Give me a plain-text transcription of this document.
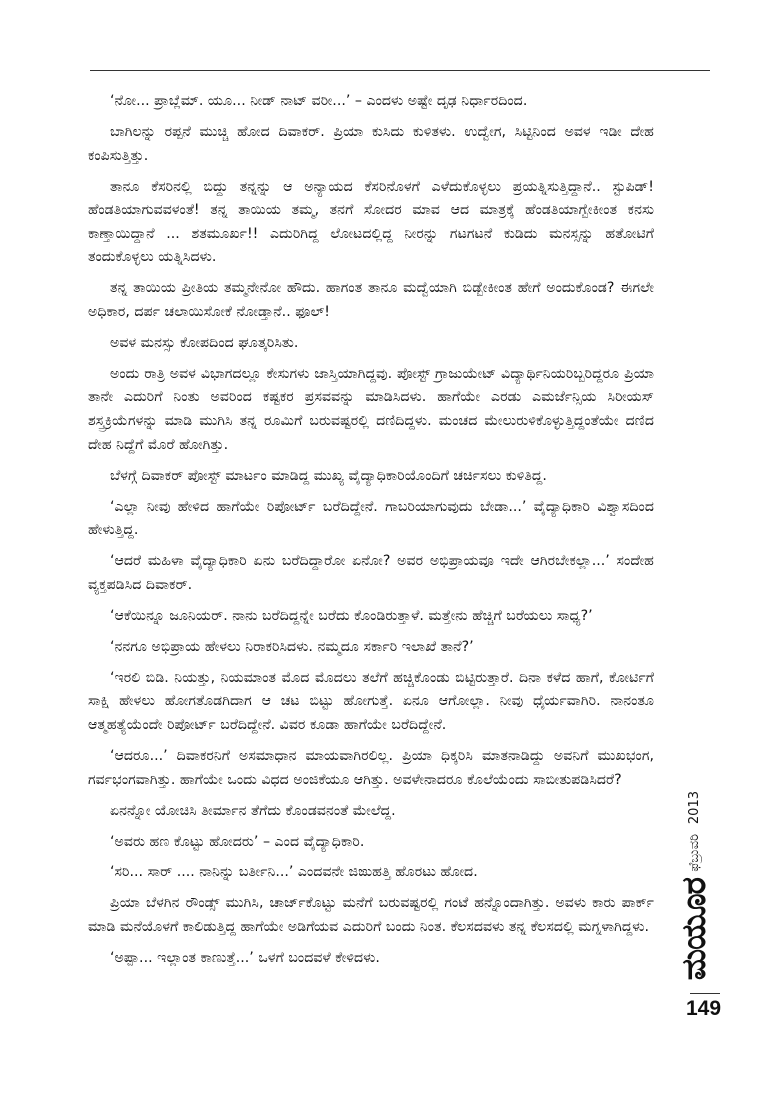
‘ನೋ... ಪ್ರಾಬ್ಲೆಮ್. ಯೂ... ನೀಡ್ ನಾಟ್ ವರೀ...’ – ಎಂದಳು ಅಷ್ಟೇ ದೃಢ ನಿರ್ಧಾರದಿಂದ.

ಬಾಗಿಲನ್ನು ರಪ್ಪನೆ ಮುಚ್ಚಿ ಹೋದ ದಿವಾಕರ್. ಪ್ರಿಯಾ ಕುಸಿದು ಕುಳಿತಳು. ಉದ್ವೇಗ, ಸಿಟ್ಟಿನಿಂದ ಅವಳ ಇಡೀ ದೇಹ ಕಂಪಿಸುತ್ತಿತ್ತು.

ತಾನೂ ಕೆಸರಿನಲ್ಲಿ ಬಿದ್ದು ತನ್ನನ್ನು ಆ ಅನ್ಯಾಯದ ಕೆಸರಿನೊಳಗೆ ಎಳೆದುಕೊಳ್ಳಲು ಪ್ರಯತ್ನಿಸುತ್ತಿದ್ದಾನೆ.. ಸ್ಟುಪಿಡ್! ಹೆಂಡತಿಯಾಗುವವಳಂತೆ! ತನ್ನ ತಾಯಿಯ ತಮ್ಮ, ತನಗೆ ಸೋದರ ಮಾವ ಆದ ಮಾತ್ರಕ್ಕೆ ಹೆಂಡತಿಯಾಗ್ಬೇಕೀಂತ ಕನಸು ಕಾಣ್ತಾಯಿದ್ದಾನೆ ... ಶತಮೂರ್ಖ!! ಎದುರಿಗಿದ್ದ ಲೋಟದಲ್ಲಿದ್ದ ನೀರನ್ನು ಗಟಗಟನೆ ಕುಡಿದು ಮನಸ್ಸನ್ನು ಹತೋಟಿಗೆ ತಂದುಕೊಳ್ಳಲು ಯತ್ನಿಸಿದಳು.

ತನ್ನ ತಾಯಿಯ ಪ್ರೀತಿಯ ತಮ್ಮನೇನೋ ಹೌದು. ಹಾಗಂತ ತಾನೂ ಮದ್ವೆಯಾಗಿ ಬಿಡ್ಬೇಕೀಂತ ಹೇಗೆ ಅಂದುಕೊಂಡ? ಈಗಲೇ ಅಧಿಕಾರ, ದರ್ಪ ಚಲಾಯಿಸೋಕೆ ನೋಡ್ತಾನೆ.. ಫೂಲ್!

ಅವಳ ಮನಸ್ಸು ಕೋಪದಿಂದ ಘೂತ್ಕರಿಸಿತು.

ಅಂದು ರಾತ್ರಿ ಅವಳ ವಿಭಾಗದಲ್ಲೂ ಕೇಸುಗಳು ಜಾಸ್ತಿಯಾಗಿದ್ದವು. ಪೋಸ್ಟ್ ಗ್ರಾಜುಯೇಟ್ ವಿದ್ಯಾರ್ಥಿನಿಯರಿಬ್ಬರಿದ್ದರೂ ಪ್ರಿಯಾ ತಾನೇ ಎದುರಿಗೆ ನಿಂತು ಅವರಿಂದ ಕಷ್ಟಕರ ಪ್ರಸವವನ್ನು ಮಾಡಿಸಿದಳು. ಹಾಗೆಯೇ ಎರಡು ಎಮರ್ಜೆನ್ಸಿಯ ಸಿರೀಯಸ್ ಶಸ್ತ್ರಕ್ರಿಯೆಗಳನ್ನು ಮಾಡಿ ಮುಗಿಸಿ ತನ್ನ ರೂಮಿಗೆ ಬರುವಷ್ಟರಲ್ಲಿ ದಣಿದಿದ್ದಳು. ಮಂಚದ ಮೇಲುರುಳಿಕೊಳ್ಳುತ್ತಿದ್ದಂತೆಯೇ ದಣಿದ ದೇಹ ನಿದ್ದೆಗೆ ಮೊರೆ ಹೋಗಿತ್ತು.

ಬೆಳಗ್ಗೆ ದಿವಾಕರ್ ಪೋಸ್ಟ್ ಮಾರ್ಟಂ ಮಾಡಿದ್ದ ಮುಖ್ಯ ವೈದ್ಯಾಧಿಕಾರಿಯೊಂದಿಗೆ ಚರ್ಚಿಸಲು ಕುಳಿತಿದ್ದ.

‘ಎಲ್ಲಾ ನೀವು ಹೇಳಿದ ಹಾಗೆಯೇ ರಿಪೋರ್ಟ್ ಬರೆದಿದ್ದೇನೆ. ಗಾಬರಿಯಾಗುವುದು ಬೇಡಾ...’ ವೈದ್ಯಾಧಿಕಾರಿ ವಿಶ್ವಾಸದಿಂದ ಹೇಳುತ್ತಿದ್ದ.

‘ಆದರೆ ಮಹಿಳಾ ವೈದ್ಯಾಧಿಕಾರಿ ಏನು ಬರೆದಿದ್ದಾರೋ ಏನೋ? ಅವರ ಅಭಿಪ್ರಾಯವೂ ಇದೇ ಆಗಿರಬೇಕಲ್ಲಾ...’ ಸಂದೇಹ ವ್ಯಕ್ತಪಡಿಸಿದ ದಿವಾಕರ್.

‘ಆಕೆಯಿನ್ನೂ ಜೂನಿಯರ್. ನಾನು ಬರೆದಿದ್ದನ್ನೇ ಬರೆದು ಕೊಂಡಿರುತ್ತಾಳೆ. ಮತ್ತೇನು ಹೆಚ್ಚಿಗೆ ಬರೆಯಲು ಸಾಧ್ಯ?’

‘ನನಗೂ ಅಭಿಪ್ರಾಯ ಹೇಳಲು ನಿರಾಕರಿಸಿದಳು. ನಮ್ಮದೂ ಸರ್ಕಾರಿ ಇಲಾಖೆ ತಾನೆ?’

‘ಇರಲಿ ಬಿಡಿ. ನಿಯತ್ತು, ನಿಯಮಾಂತ ಮೊದ ಮೊದಲು ತಲೆಗೆ ಹಚ್ಚಿಕೊಂಡು ಬಿಟ್ಟಿರುತ್ತಾರೆ. ದಿನಾ ಕಳೆದ ಹಾಗೆ, ಕೋರ್ಟಿಗೆ ಸಾಕ್ಷಿ ಹೇಳಲು ಹೋಗತೊಡಗಿದಾಗ ಆ ಚಟ ಬಿಟ್ಟು ಹೋಗುತ್ತೆ. ಏನೂ ಆಗೋಲ್ಲಾ. ನೀವು ಧೈರ್ಯವಾಗಿರಿ. ನಾನಂತೂ ಆತ್ಮಹತ್ಯೆಯೆಂದೇ ರಿಪೋರ್ಟ್ ಬರೆದಿದ್ದೇನೆ. ವಿವರ ಕೂಡಾ ಹಾಗೆಯೇ ಬರೆದಿದ್ದೇನೆ.

‘ಆದರೂ...’ ದಿವಾಕರನಿಗೆ ಅಸಮಾಧಾನ ಮಾಯವಾಗಿರಲಿಲ್ಲ. ಪ್ರಿಯಾ ಧಿಕ್ಕರಿಸಿ ಮಾತನಾಡಿದ್ದು ಅವನಿಗೆ ಮುಖಭಂಗ, ಗರ್ವಭಂಗವಾಗಿತ್ತು. ಹಾಗೆಯೇ ಒಂದು ವಿಧದ ಅಂಜಿಕೆಯೂ ಆಗಿತ್ತು. ಅವಳೇನಾದರೂ ಕೊಲೆಯೆಂದು ಸಾಬೀತುಪಡಿಸಿದರೆ?

ಏನನ್ನೋ ಯೋಚಿಸಿ ತೀರ್ಮಾನ ತೆಗೆದು ಕೊಂಡವನಂತೆ ಮೇಲೆದ್ದ.

‘ಅವರು ಹಣ ಕೊಟ್ಟು ಹೋದರು’ – ಎಂದ ವೈದ್ಯಾಧಿಕಾರಿ.

‘ಸರಿ... ಸಾರ್ .... ನಾನಿನ್ನು ಬರ್ತೀನಿ...’ ಎಂದವನೇ ಜಿಙುಹತ್ತಿ ಹೊರಟು ಹೋದ.

ಪ್ರಿಯಾ ಬೆಳಗಿನ ರೌಂಡ್ಸ್ ಮುಗಿಸಿ, ಚಾರ್ಜ್‌ಕೊಟ್ಟು ಮನೆಗೆ ಬರುವಷ್ಟರಲ್ಲಿ ಗಂಟೆ ಹನ್ನೊಂದಾಗಿತ್ತು. ಅವಳು ಕಾರು ಪಾರ್ಕ್ ಮಾಡಿ ಮನೆಯೊಳಗೆ ಕಾಲಿಡುತ್ತಿದ್ದ ಹಾಗೆಯೇ ಅಡಿಗೆಯವ ಎದುರಿಗೆ ಬಂದು ನಿಂತ. ಕೆಲಸದವಳು ತನ್ನ ಕೆಲಸದಲ್ಲಿ ಮಗ್ನಳಾಗಿದ್ದಳು.

‘ಅಪ್ಪಾ... ಇಲ್ಲಾಂತ ಕಾಣುತ್ತೆ...’ ಒಳಗೆ ಬಂದವಳೆ ಕೇಳಿದಳು.	ಮಯೂರ
ಫೆಬ್ರುವರಿ
2013
149
